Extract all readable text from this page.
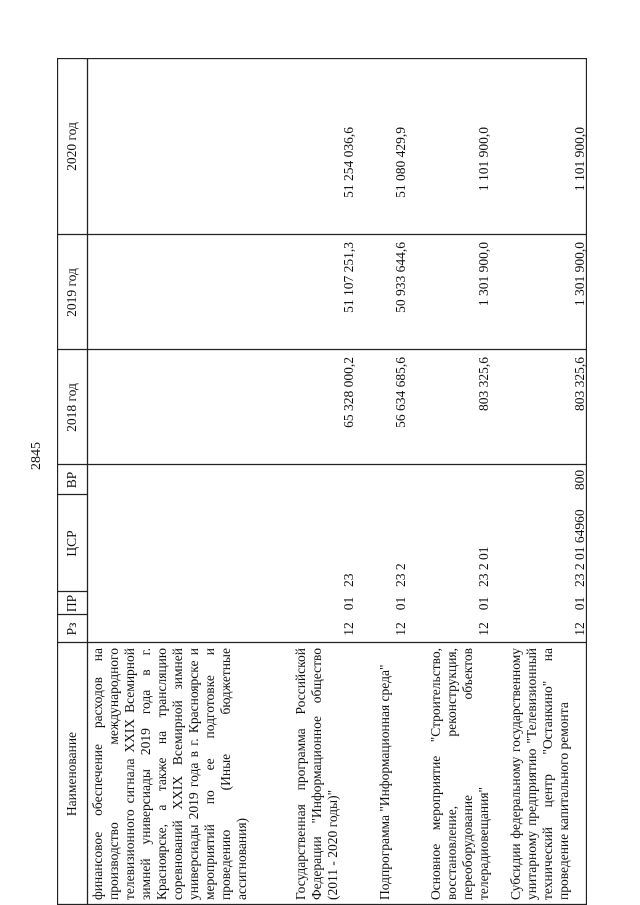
2845
Наименование
Рз
ПР
ЦСР
ВР
2018 год
2019 год
2020 год
финансовое обеспечение расходов на производство международного телевизионного сигнала XXIX Всемирной зимней универсиады 2019 года в г. Красноярске, а также на трансляцию соревнований XXIX Всемирной зимней универсиады 2019 года в г. Красноярске и мероприятий по ее подготовке и проведению (Иные бюджетные ассигнования)	Государственная программа Российской Федерации "Информационное общество (2011 - 2020 годы)"
12
01
23
65 328 000,2
51 107 251,3
51 254 036,6
Подпрограмма "Информационная среда"
12
01
23 2
56 634 685,6
50 933 644,6
51 080 429,9
Основное мероприятие "Строительство, восстановление, реконструкция, переоборудование объектов телерадиовещания"
12
01
23 2 01
803 325,6
1 301 900,0
1 101 900,0
Субсидии федеральному государственному унитарному предприятию "Телевизионный технический центр "Останкино" на проведение капитального ремонта
12
01
23 2 01 64960
800
803 325,6
1 301 900,0
1 101 900,0
